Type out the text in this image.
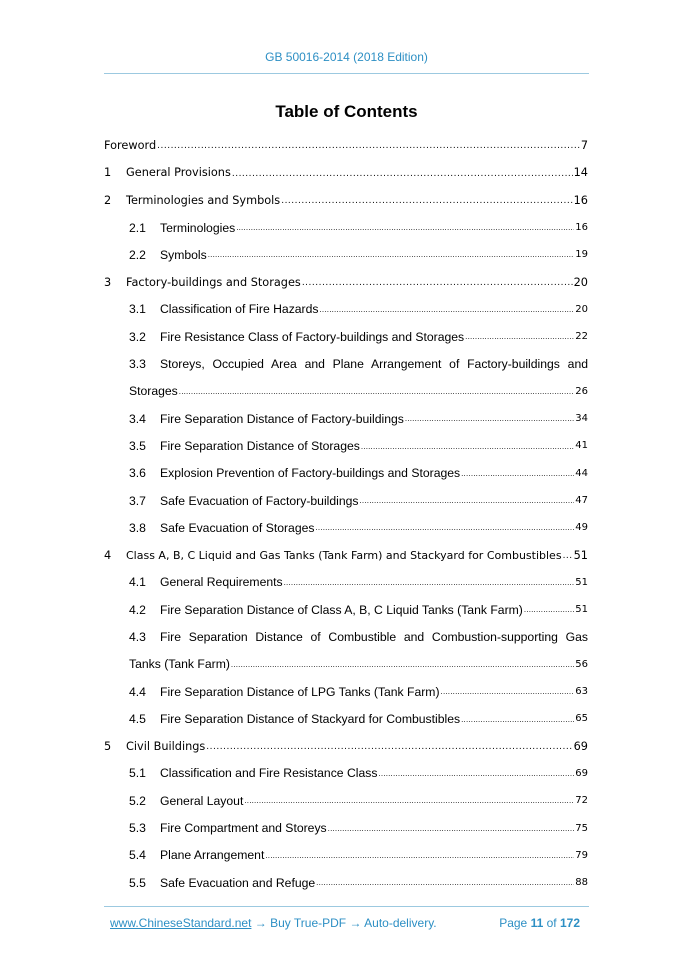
GB 50016-2014 (2018 Edition)
Table of Contents
Foreword .....	7
1	General Provisions .....	14
2	Terminologies and Symbols .....	16
2.1	Terminologies .....	16
2.2	Symbols .....	19
3	Factory-buildings and Storages .....	20
3.1	Classification of Fire Hazards .....	20
3.2	Fire Resistance Class of Factory-buildings and Storages .....	22
3.3	Storeys, Occupied Area and Plane Arrangement of Factory-buildings and
Storages .....	26
3.4	Fire Separation Distance of Factory-buildings .....	34
3.5	Fire Separation Distance of Storages .....	41
3.6	Explosion Prevention of Factory-buildings and Storages .....	44
3.7	Safe Evacuation of Factory-buildings .....	47
3.8	Safe Evacuation of Storages .....	49
4	Class A, B, C Liquid and Gas Tanks (Tank Farm) and Stackyard for Combustibles ..... 51
4.1	General Requirements .....	51
4.2	Fire Separation Distance of Class A, B, C Liquid Tanks (Tank Farm) .....	51
4.3	Fire Separation Distance of Combustible and Combustion-supporting Gas
Tanks (Tank Farm) .....	56
4.4	Fire Separation Distance of LPG Tanks (Tank Farm) .....	63
4.5	Fire Separation Distance of Stackyard for Combustibles .....	65
5	Civil Buildings .....	69
5.1	Classification and Fire Resistance Class .....	69
5.2	General Layout .....	72
5.3	Fire Compartment and Storeys .....	75
5.4	Plane Arrangement .....	79
5.5	Safe Evacuation and Refuge .....	88
www.ChineseStandard.net → Buy True-PDF → Auto-delivery.	Page 11 of 172
